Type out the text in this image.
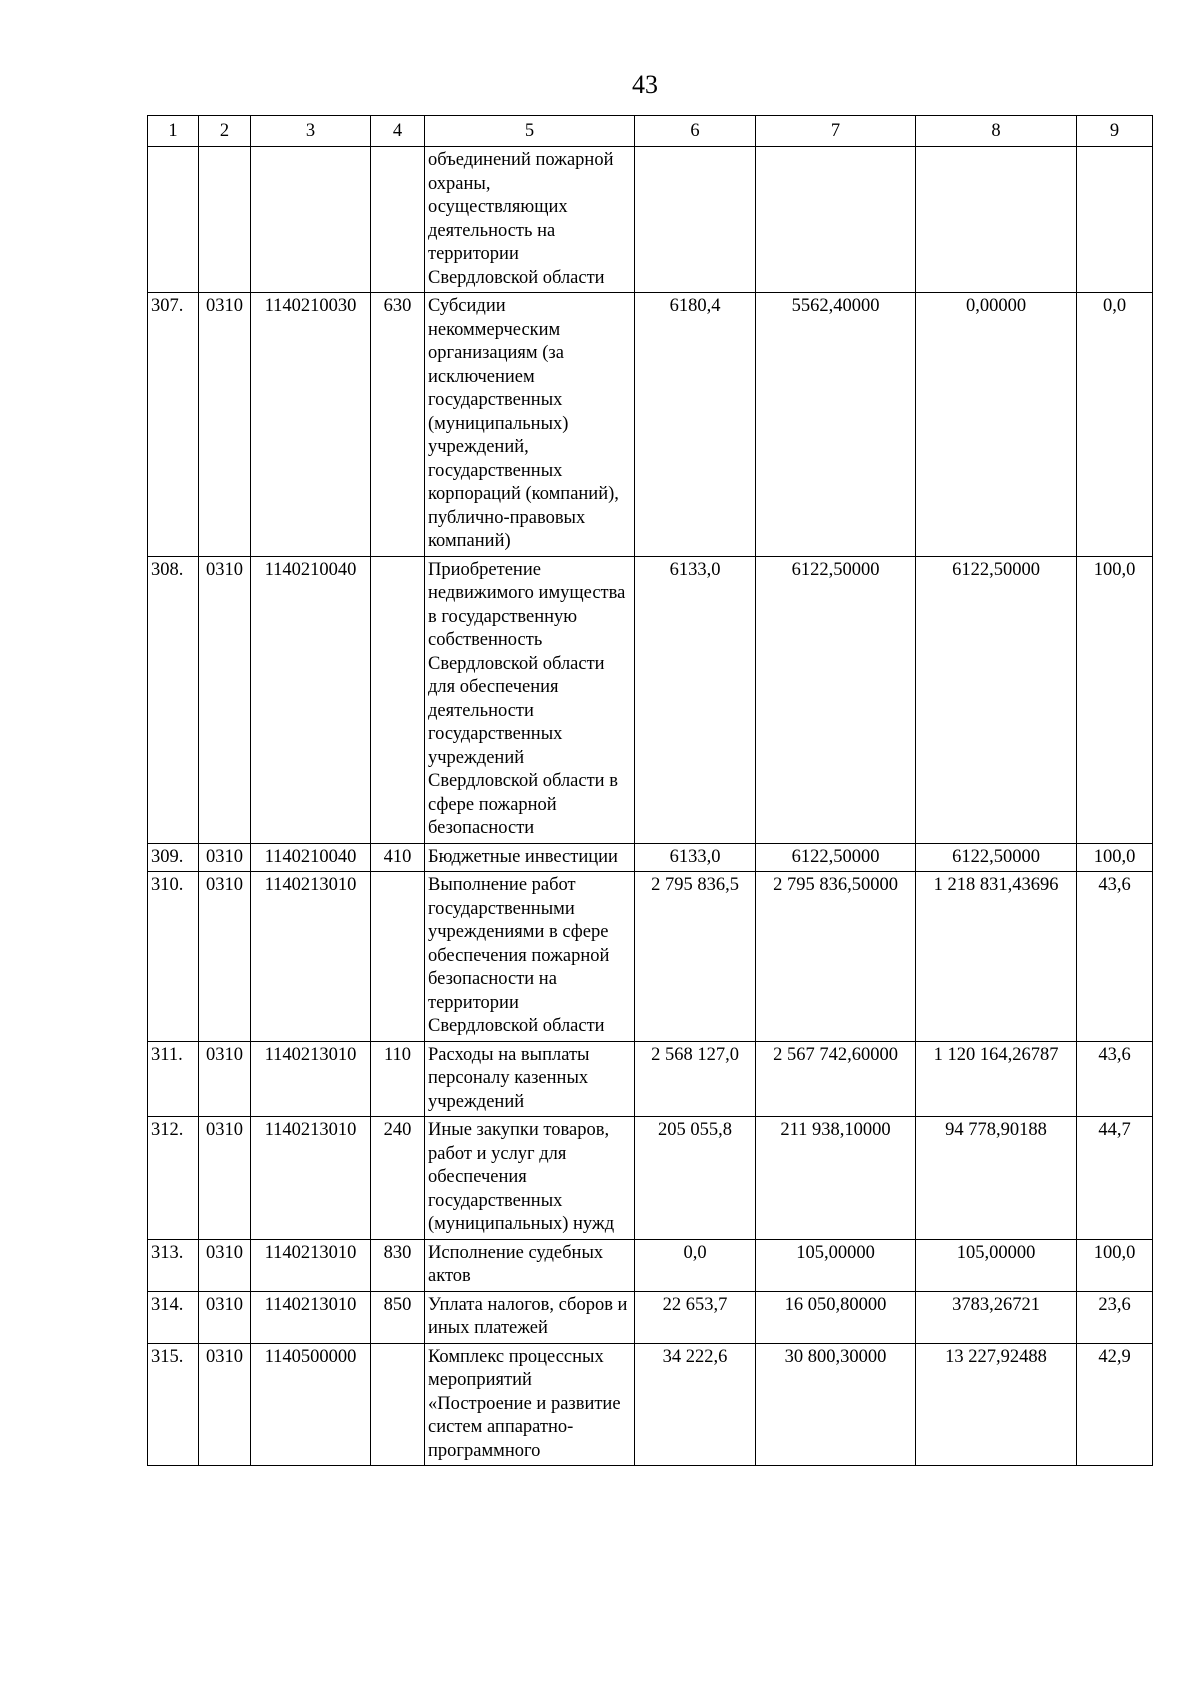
43
1	2	3	4	5	6	7	8	9
				объединений пожарной охраны, осуществляющих деятельность на территории Свердловской области				
307.	0310	1140210030	630	Субсидии некоммерческим организациям (за исключением государственных (муниципальных) учреждений, государственных корпораций (компаний), публично-правовых компаний)	6180,4	5562,40000	0,00000	0,0
308.	0310	1140210040		Приобретение недвижимого имущества в государственную собственность Свердловской области для обеспечения деятельности государственных учреждений Свердловской области в сфере пожарной безопасности	6133,0	6122,50000	6122,50000	100,0
309.	0310	1140210040	410	Бюджетные инвестиции	6133,0	6122,50000	6122,50000	100,0
310.	0310	1140213010		Выполнение работ государственными учреждениями в сфере обеспечения пожарной безопасности на территории Свердловской области	2 795 836,5	2 795 836,50000	1 218 831,43696	43,6
311.	0310	1140213010	110	Расходы на выплаты персоналу казенных учреждений	2 568 127,0	2 567 742,60000	1 120 164,26787	43,6
312.	0310	1140213010	240	Иные закупки товаров, работ и услуг для обеспечения государственных (муниципальных) нужд	205 055,8	211 938,10000	94 778,90188	44,7
313.	0310	1140213010	830	Исполнение судебных актов	0,0	105,00000	105,00000	100,0
314.	0310	1140213010	850	Уплата налогов, сборов и иных платежей	22 653,7	16 050,80000	3783,26721	23,6
315.	0310	1140500000		Комплекс процессных мероприятий «Построение и развитие систем аппаратно-программного	34 222,6	30 800,30000	13 227,92488	42,9
